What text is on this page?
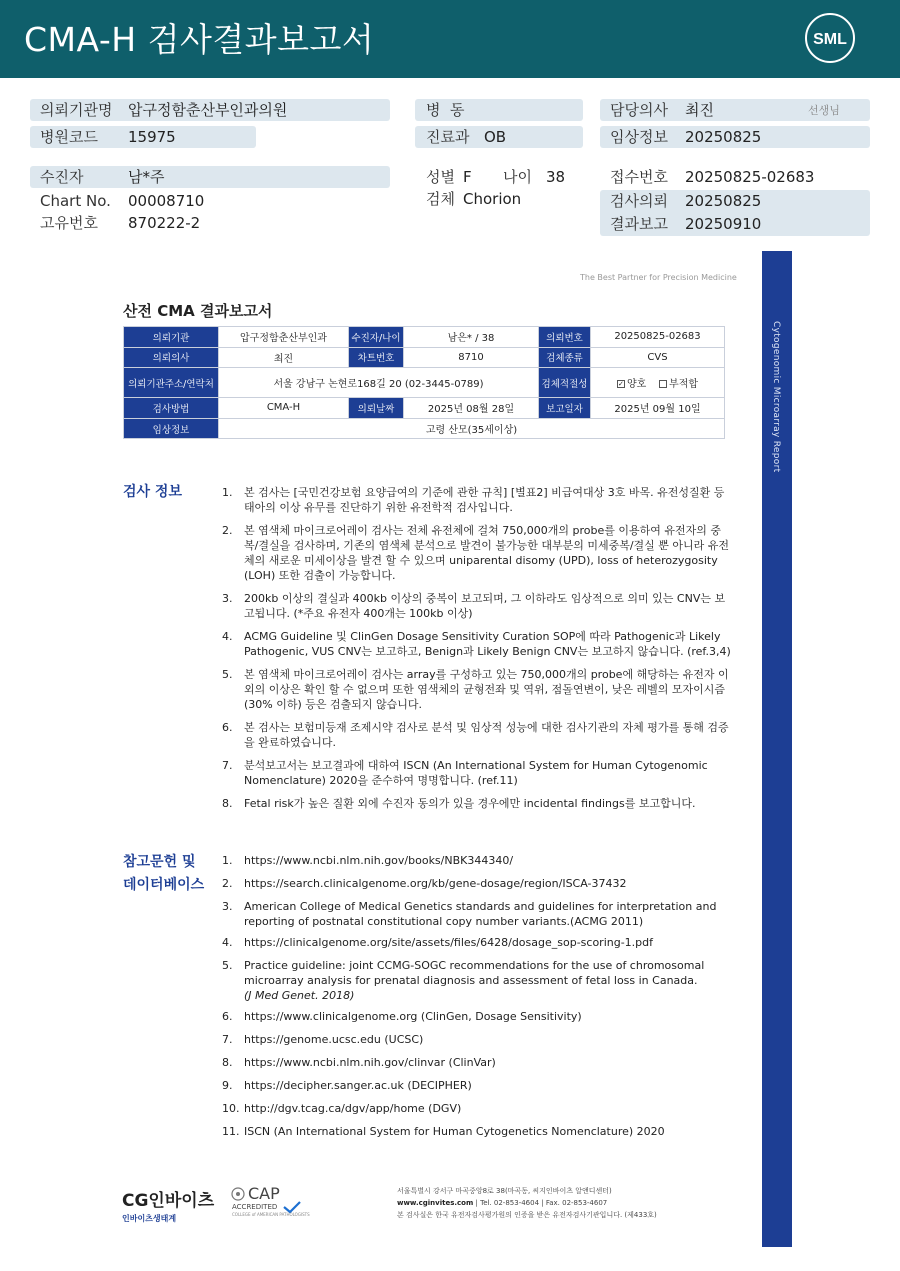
CMA-H 검사결과보고서	SML
의뢰기관명 압구정함춘산부인과의원
병원코드 15975
병  동
진료과 OB
담당의사 최진	선생님
임상정보 20250825
수진자	남*주
Chart No. 00008710
고유번호 870222-2
성별 F 나이 38
검체 Chorion
접수번호 20250825-02683
검사의뢰 20250825
결과보고 20250910
Cytogenomic Microarray Report
The Best Partner for Precision Medicine
산전 CMA 결과보고서
의뢰기관	압구정함춘산부인과	수진자/나이	남은* / 38	의뢰번호	20250825-02683
의뢰의사	최진	차트번호	8710	검체종류	CVS
의뢰기관주소/연락처	서울 강남구 논현로168길 20 (02-3445-0789)			검체적절성	✓ 양호 부적합
검사방법	CMA-H	의뢰날짜	2025년 08월 28일	보고일자	2025년 09월 10일
임상정보	고령 산모(35세이상)				
검사 정보	1.	본 검사는 [국민건강보험 요양급여의 기준에 관한 규칙] [별표2] 비급여대상 3호 바목. 유전성질환 등 태아의 이상 유무를 진단하기 위한 유전학적 검사입니다.
2.	본 염색체 마이크로어레이 검사는 전체 유전체에 걸쳐 750,000개의 probe를 이용하여 유전자의 중복/결실을 검사하며, 기존의 염색체 분석으로 발견이 불가능한 대부분의 미세중복/결실 뿐 아니라 유전체의 새로운 미세이상을 발견 할 수 있으며 uniparental disomy (UPD), loss of heterozygosity (LOH) 또한 검출이 가능합니다.
3.	200kb 이상의 결실과 400kb 이상의 중복이 보고되며, 그 이하라도 임상적으로 의미 있는 CNV는 보고됩니다. (*주요 유전자 400개는 100kb 이상)
4.	ACMG Guideline 및 ClinGen Dosage Sensitivity Curation SOP에 따라 Pathogenic과 Likely Pathogenic, VUS CNV는 보고하고, Benign과 Likely Benign CNV는 보고하지 않습니다. (ref.3,4)
5.	본 염색체 마이크로어레이 검사는 array를 구성하고 있는 750,000개의 probe에 해당하는 유전자 이외의 이상은 확인 할 수 없으며 또한 염색체의 균형전좌 및 역위, 점돌연변이, 낮은 레벨의 모자이시즘(30% 이하) 등은 검출되지 않습니다.
6.	본 검사는 보험미등재 조제시약 검사로 분석 및 임상적 성능에 대한 검사기관의 자체 평가를 통해 검증을 완료하였습니다.
7.	분석보고서는 보고결과에 대하여 ISCN (An International System for Human Cytogenomic Nomenclature) 2020을 준수하여 명명합니다. (ref.11)
8.	Fetal risk가 높은 질환 외에 수진자 동의가 있을 경우에만 incidental findings를 보고합니다.
참고문헌 및
데이터베이스
1.	https://www.ncbi.nlm.nih.gov/books/NBK344340/
2.	https://search.clinicalgenome.org/kb/gene-dosage/region/ISCA-37432
3.	American College of Medical Genetics standards and guidelines for interpretation and reporting of postnatal constitutional copy number variants.(ACMG 2011)
4.	https://clinicalgenome.org/site/assets/files/6428/dosage_sop-scoring-1.pdf
5.	Practice guideline: joint CCMG-SOGC recommendations for the use of chromosomal microarray analysis for prenatal diagnosis and assessment of fetal loss in Canada.
(J Med Genet. 2018)
6.	https://www.clinicalgenome.org (ClinGen, Dosage Sensitivity)
7.	https://genome.ucsc.edu (UCSC)
8.	https://www.ncbi.nlm.nih.gov/clinvar (ClinVar)
9.	https://decipher.sanger.ac.uk (DECIPHER)
10. http://dgv.tcag.ca/dgv/app/home (DGV)
11. ISCN (An International System for Human Cytogenetics Nomenclature) 2020
CG인바이츠
인바이츠생태계
CAP
ACCREDITED
COLLEGE of AMERICAN PATHOLOGISTS
서울특별시 강서구 마곡중앙8로 38(마곡동, 씨지인바이츠 알앤디센터)
www.cginvites.com | Tel. 02-853-4604 | Fax. 02-853-4607
본 검사실은 한국 유전자검사평가원의 인증을 받은 유전자검사기관입니다. (제433호)
